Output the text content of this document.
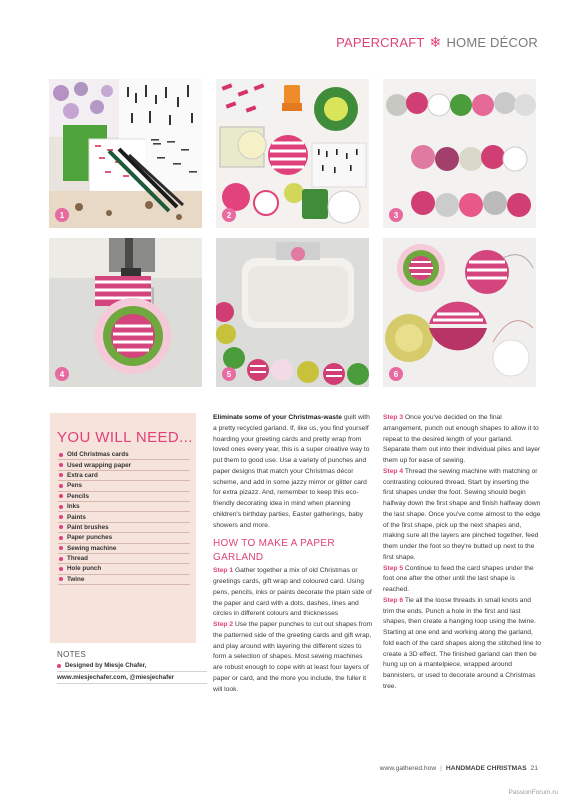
PAPERCRAFT ❄ HOME DÉCOR
1	2	3
4	5	6
YOU WILL NEED...
Old Christmas cards
Used wrapping paper
Extra card
Pens
Pencils
Inks
Paints
Paint brushes
Paper punches
Sewing machine
Thread
Hole punch
Twine
NOTES
Designed by Miesje Chafer,
www.miesjechafer.com, @miesjechafer

Eliminate some of your Christmas-waste guilt with a pretty recycled garland. If, like us, you find yourself hoarding your greeting cards and pretty wrap from loved ones every year, this is a super creative way to put them to good use. Use a variety of punches and paper designs that match your Christmas décor scheme, and add in some jazzy mirror or glitter card for extra pizazz. And, remember to keep this eco-friendly decorating idea in mind when planning children's birthday parties, Easter gatherings, baby showers and more.

HOW TO MAKE A PAPER GARLAND

Step 1 Gather together a mix of old Christmas or greetings cards, gift wrap and coloured card. Using pens, pencils, inks or paints decorate the plain side of the paper and card with a dots, dashes, lines and circles in different colours and thicknesses

Step 2 Use the paper punches to cut out shapes from the patterned side of the greeting cards and gift wrap, and play around with layering the different sizes to form a selection of shapes. Most sewing machines are robust enough to cope with at least four layers of paper or card, and the more you include, the fuller it will look.

Step 3 Once you've decided on the final arrangement, punch out enough shapes to allow it to repeat to the desired length of your garland. Separate them out into their individual piles and layer them up for ease of sewing.

Step 4 Thread the sewing machine with matching or contrasting coloured thread. Start by inserting the first shapes under the foot. Sewing should begin halfway down the first shape and finish halfway down the last shape. Once you've come almost to the edge of the first shape, pick up the next shapes and, making sure all the layers are pinched together, feed them under the foot so they're butted up next to the first shape.

Step 5 Continue to feed the card shapes under the foot one after the other until the last shape is reached.

Step 6 Tie all the loose threads in small knots and trim the ends. Punch a hole in the first and last shapes, then create a hanging loop using the twine. Starting at one end and working along the garland, fold each of the card shapes along the stitched line to create a 3D effect. The finished garland can then be hung up on a mantelpiece, wrapped around bannisters, or used to decorate around a Christmas tree.

www.gathered.how | HANDMADE CHRISTMAS 21
PassionForum.ru
